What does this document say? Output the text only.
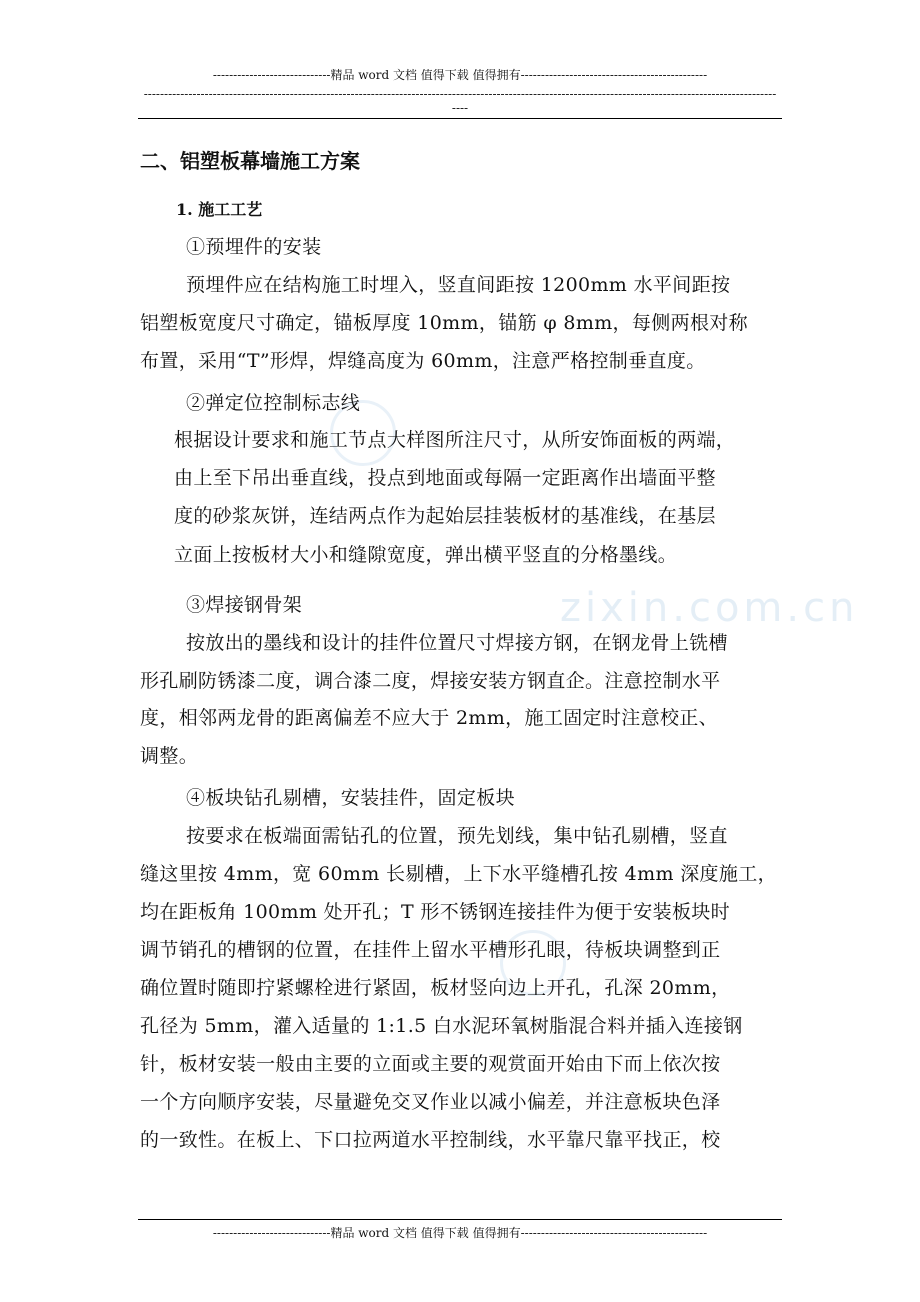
zixin.com.cn
-----------------------------精品 word 文档 值得下载 值得拥有----------------------------------------------
------------------------------------------------------------------------------------------------------------------------------------------------------------
----
二、铝塑板幕墙施工方案
1. 施工工艺
①预埋件的安装
预埋件应在结构施工时埋入，竖直间距按 1200mm 水平间距按
铝塑板宽度尺寸确定，锚板厚度 10mm，锚筋 φ 8mm，每侧两根对称
布置，采用“T”形焊，焊缝高度为 60mm，注意严格控制垂直度。
②弹定位控制标志线
根据设计要求和施工节点大样图所注尺寸，从所安饰面板的两端，
由上至下吊出垂直线，投点到地面或每隔一定距离作出墙面平整
度的砂浆灰饼，连结两点作为起始层挂装板材的基准线，在基层
立面上按板材大小和缝隙宽度，弹出横平竖直的分格墨线。
③焊接钢骨架
按放出的墨线和设计的挂件位置尺寸焊接方钢，在钢龙骨上铣槽
形孔刷防锈漆二度，调合漆二度，焊接安装方钢直企。注意控制水平
度，相邻两龙骨的距离偏差不应大于 2mm，施工固定时注意校正、
调整。
④板块钻孔剔槽，安装挂件，固定板块
按要求在板端面需钻孔的位置，预先划线，集中钻孔剔槽，竖直
缝这里按 4mm，宽 60mm 长剔槽，上下水平缝槽孔按 4mm 深度施工，
均在距板角 100mm 处开孔；T 形不锈钢连接挂件为便于安装板块时
调节销孔的槽钢的位置，在挂件上留水平槽形孔眼，待板块调整到正
确位置时随即拧紧螺栓进行紧固，板材竖向边上开孔，孔深 20mm，
孔径为 5mm，灌入适量的 1:1.5 白水泥环氧树脂混合料并插入连接钢
针，板材安装一般由主要的立面或主要的观赏面开始由下而上依次按
一个方向顺序安装，尽量避免交叉作业以减小偏差，并注意板块色泽
的一致性。在板上、下口拉两道水平控制线，水平靠尺靠平找正，校
-----------------------------精品 word 文档 值得下载 值得拥有----------------------------------------------
